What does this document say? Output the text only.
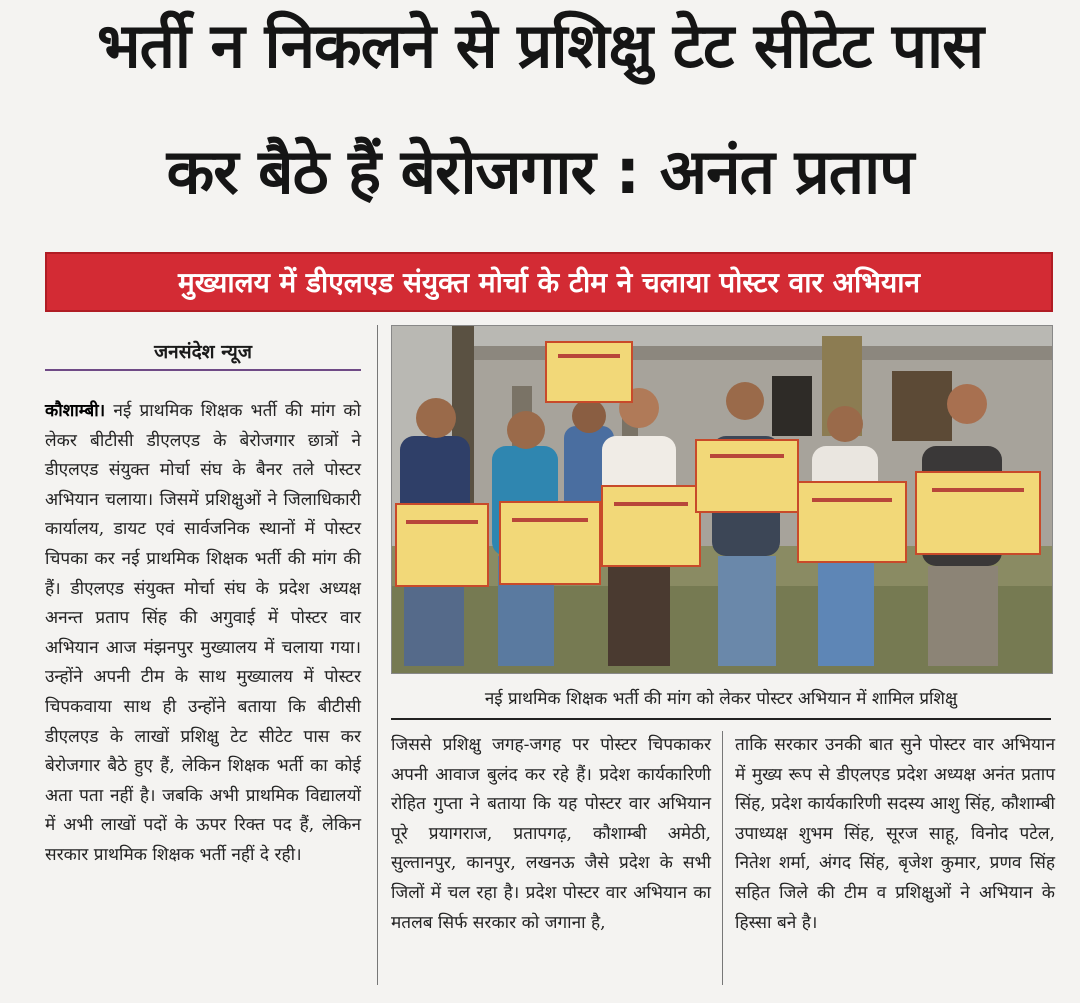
भर्ती न निकलने से प्रशिक्षु टेट सीटेट पास
कर बैठे हैं बेरोजगार : अनंत प्रताप
मुख्यालय में डीएलएड संयुक्त मोर्चा के टीम ने चलाया पोस्टर वार अभियान
जनसंदेश न्यूज
कौशाम्बी। नई प्राथमिक शिक्षक भर्ती की मांग को लेकर बीटीसी डीएलएड के बेरोजगार छात्रों ने डीएलएड संयुक्त मोर्चा संघ के बैनर तले पोस्टर अभियान चलाया। जिसमें प्रशिक्षुओं ने जिलाधिकारी कार्यालय, डायट एवं सार्वजनिक स्थानों में पोस्टर चिपका कर नई प्राथमिक शिक्षक भर्ती की मांग की हैं। डीएलएड संयुक्त मोर्चा संघ के प्रदेश अध्यक्ष अनन्त प्रताप सिंह की अगुवाई में पोस्टर वार अभियान आज मंझनपुर मुख्यालय में चलाया गया। उन्होंने अपनी टीम के साथ मुख्यालय में पोस्टर चिपकवाया साथ ही उन्होंने बताया कि बीटीसी डीएलएड के लाखों प्रशिक्षु टेट सीटेट पास कर बेरोजगार बैठे हुए हैं, लेकिन शिक्षक भर्ती का कोई अता पता नहीं है। जबकि अभी प्राथमिक विद्यालयों में अभी लाखों पदों के ऊपर रिक्त पद हैं, लेकिन सरकार प्राथमिक शिक्षक भर्ती नहीं दे रही।
नई प्राथमिक शिक्षक भर्ती की मांग को लेकर पोस्टर अभियान में शामिल प्रशिक्षु
जिससे प्रशिक्षु जगह-जगह पर पोस्टर चिपकाकर अपनी आवाज बुलंद कर रहे हैं। प्रदेश कार्यकारिणी रोहित गुप्ता ने बताया कि यह पोस्टर वार अभियान पूरे प्रयागराज, प्रतापगढ़, कौशाम्बी अमेठी, सुल्तानपुर, कानपुर, लखनऊ जैसे प्रदेश के सभी जिलों में चल रहा है। प्रदेश पोस्टर वार अभियान का मतलब सिर्फ सरकार को जगाना है,
ताकि सरकार उनकी बात सुने पोस्टर वार अभियान में मुख्य रूप से डीएलएड प्रदेश अध्यक्ष अनंत प्रताप सिंह, प्रदेश कार्यकारिणी सदस्य आशु सिंह, कौशाम्बी उपाध्यक्ष शुभम सिंह, सूरज साहू, विनोद पटेल, नितेश शर्मा, अंगद सिंह, बृजेश कुमार, प्रणव सिंह सहित जिले की टीम व प्रशिक्षुओं ने अभियान के हिस्सा बने है।
